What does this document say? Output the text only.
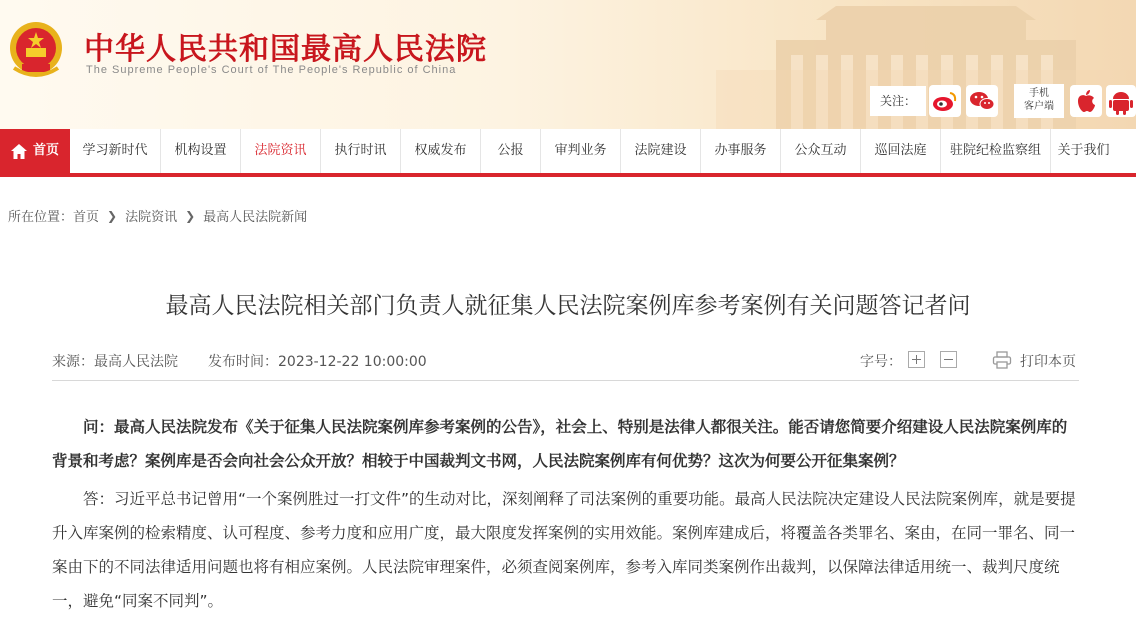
中华人民共和国最高人民法院
The Supreme People's Court of The People's Republic of China
关注：
手机
客户端
首页	学习新时代	机构设置	法院资讯	执行时讯	权威发布	公报	审判业务	法院建设	办事服务	公众互动	巡回法庭	驻院纪检监察组	关于我们
所在位置： 首页 ❯ 法院资讯 ❯ 最高人民法院新闻
最高人民法院相关部门负责人就征集人民法院案例库参考案例有关问题答记者问
来源：最高人民法院 发布时间：2023-12-22 10:00:00	字号：	打印本页

问：最高人民法院发布《关于征集人民法院案例库参考案例的公告》，社会上、特别是法律人都很关注。能否请您简要介绍建设人民法院案例库的背景和考虑？案例库是否会向社会公众开放？相较于中国裁判文书网，人民法院案例库有何优势？这次为何要公开征集案例？

答：习近平总书记曾用“一个案例胜过一打文件”的生动对比，深刻阐释了司法案例的重要功能。最高人民法院决定建设人民法院案例库，就是要提升入库案例的检索精度、认可程度、参考力度和应用广度，最大限度发挥案例的实用效能。案例库建成后，将覆盖各类罪名、案由，在同一罪名、同一案由下的不同法律适用问题也将有相应案例。人民法院审理案件，必须查阅案例库，参考入库同类案例作出裁判，以保障法律适用统一、裁判尺度统一，避免“同案不同判”。
